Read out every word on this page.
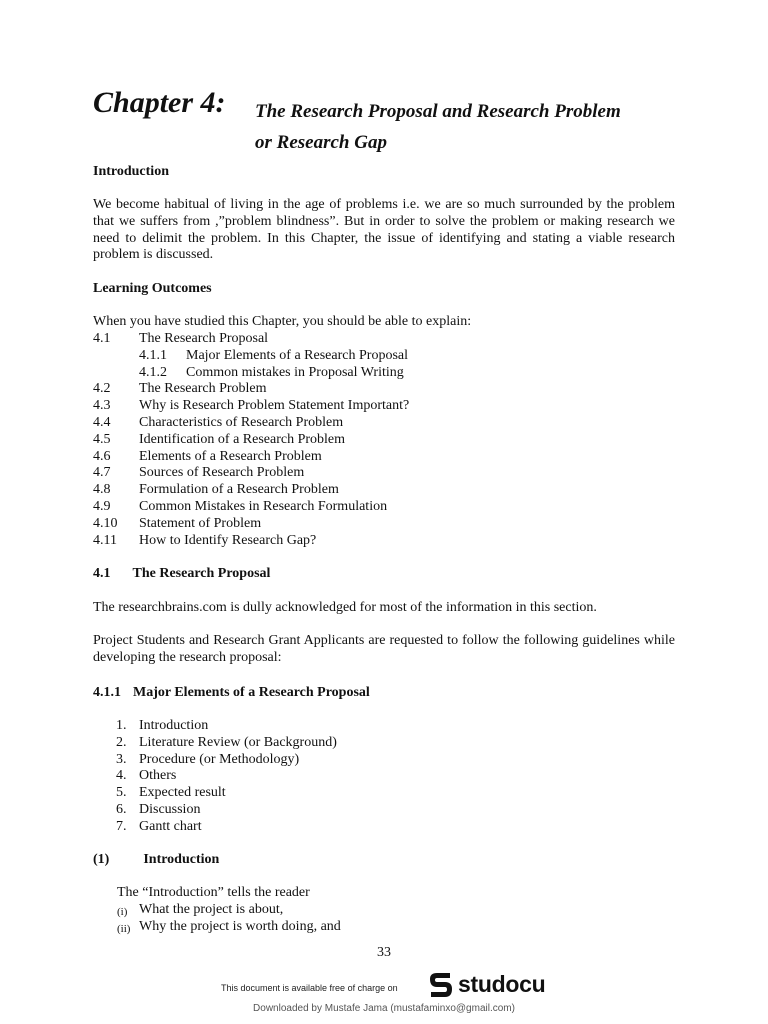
Chapter 4: The Research Proposal and Research Problem
or Research Gap
Introduction
We become habitual of living in the age of problems i.e. we are so much surrounded by the problem that we suffers from ,”problem blindness”. But in order to solve the problem or making research we need to delimit the problem. In this Chapter, the issue of identifying and stating a viable research problem is discussed.
Learning Outcomes
When you have studied this Chapter, you should be able to explain:
4.1 The Research Proposal
4.1.1 Major Elements of a Research Proposal
4.1.2 Common mistakes in Proposal Writing
4.2 The Research Problem
4.3 Why is Research Problem Statement Important?
4.4 Characteristics of Research Problem
4.5 Identification of a Research Problem
4.6 Elements of a Research Problem
4.7 Sources of Research Problem
4.8 Formulation of a Research Problem
4.9 Common Mistakes in Research Formulation
4.10 Statement of Problem
4.11 How to Identify Research Gap?
4.1 The Research Proposal
The researchbrains.com is dully acknowledged for most of the information in this section.
Project Students and Research Grant Applicants are requested to follow the following guidelines while developing the research proposal:
4.1.1 Major Elements of a Research Proposal
1. Introduction
2. Literature Review (or Background)
3. Procedure (or Methodology)
4. Others
5. Expected result
6. Discussion
7. Gantt chart
(1) Introduction
The “Introduction” tells the reader
(i) What the project is about,
(ii) Why the project is worth doing, and
33
This document is available free of charge on	studocu
Downloaded by Mustafe Jama (mustafaminxo@gmail.com)
